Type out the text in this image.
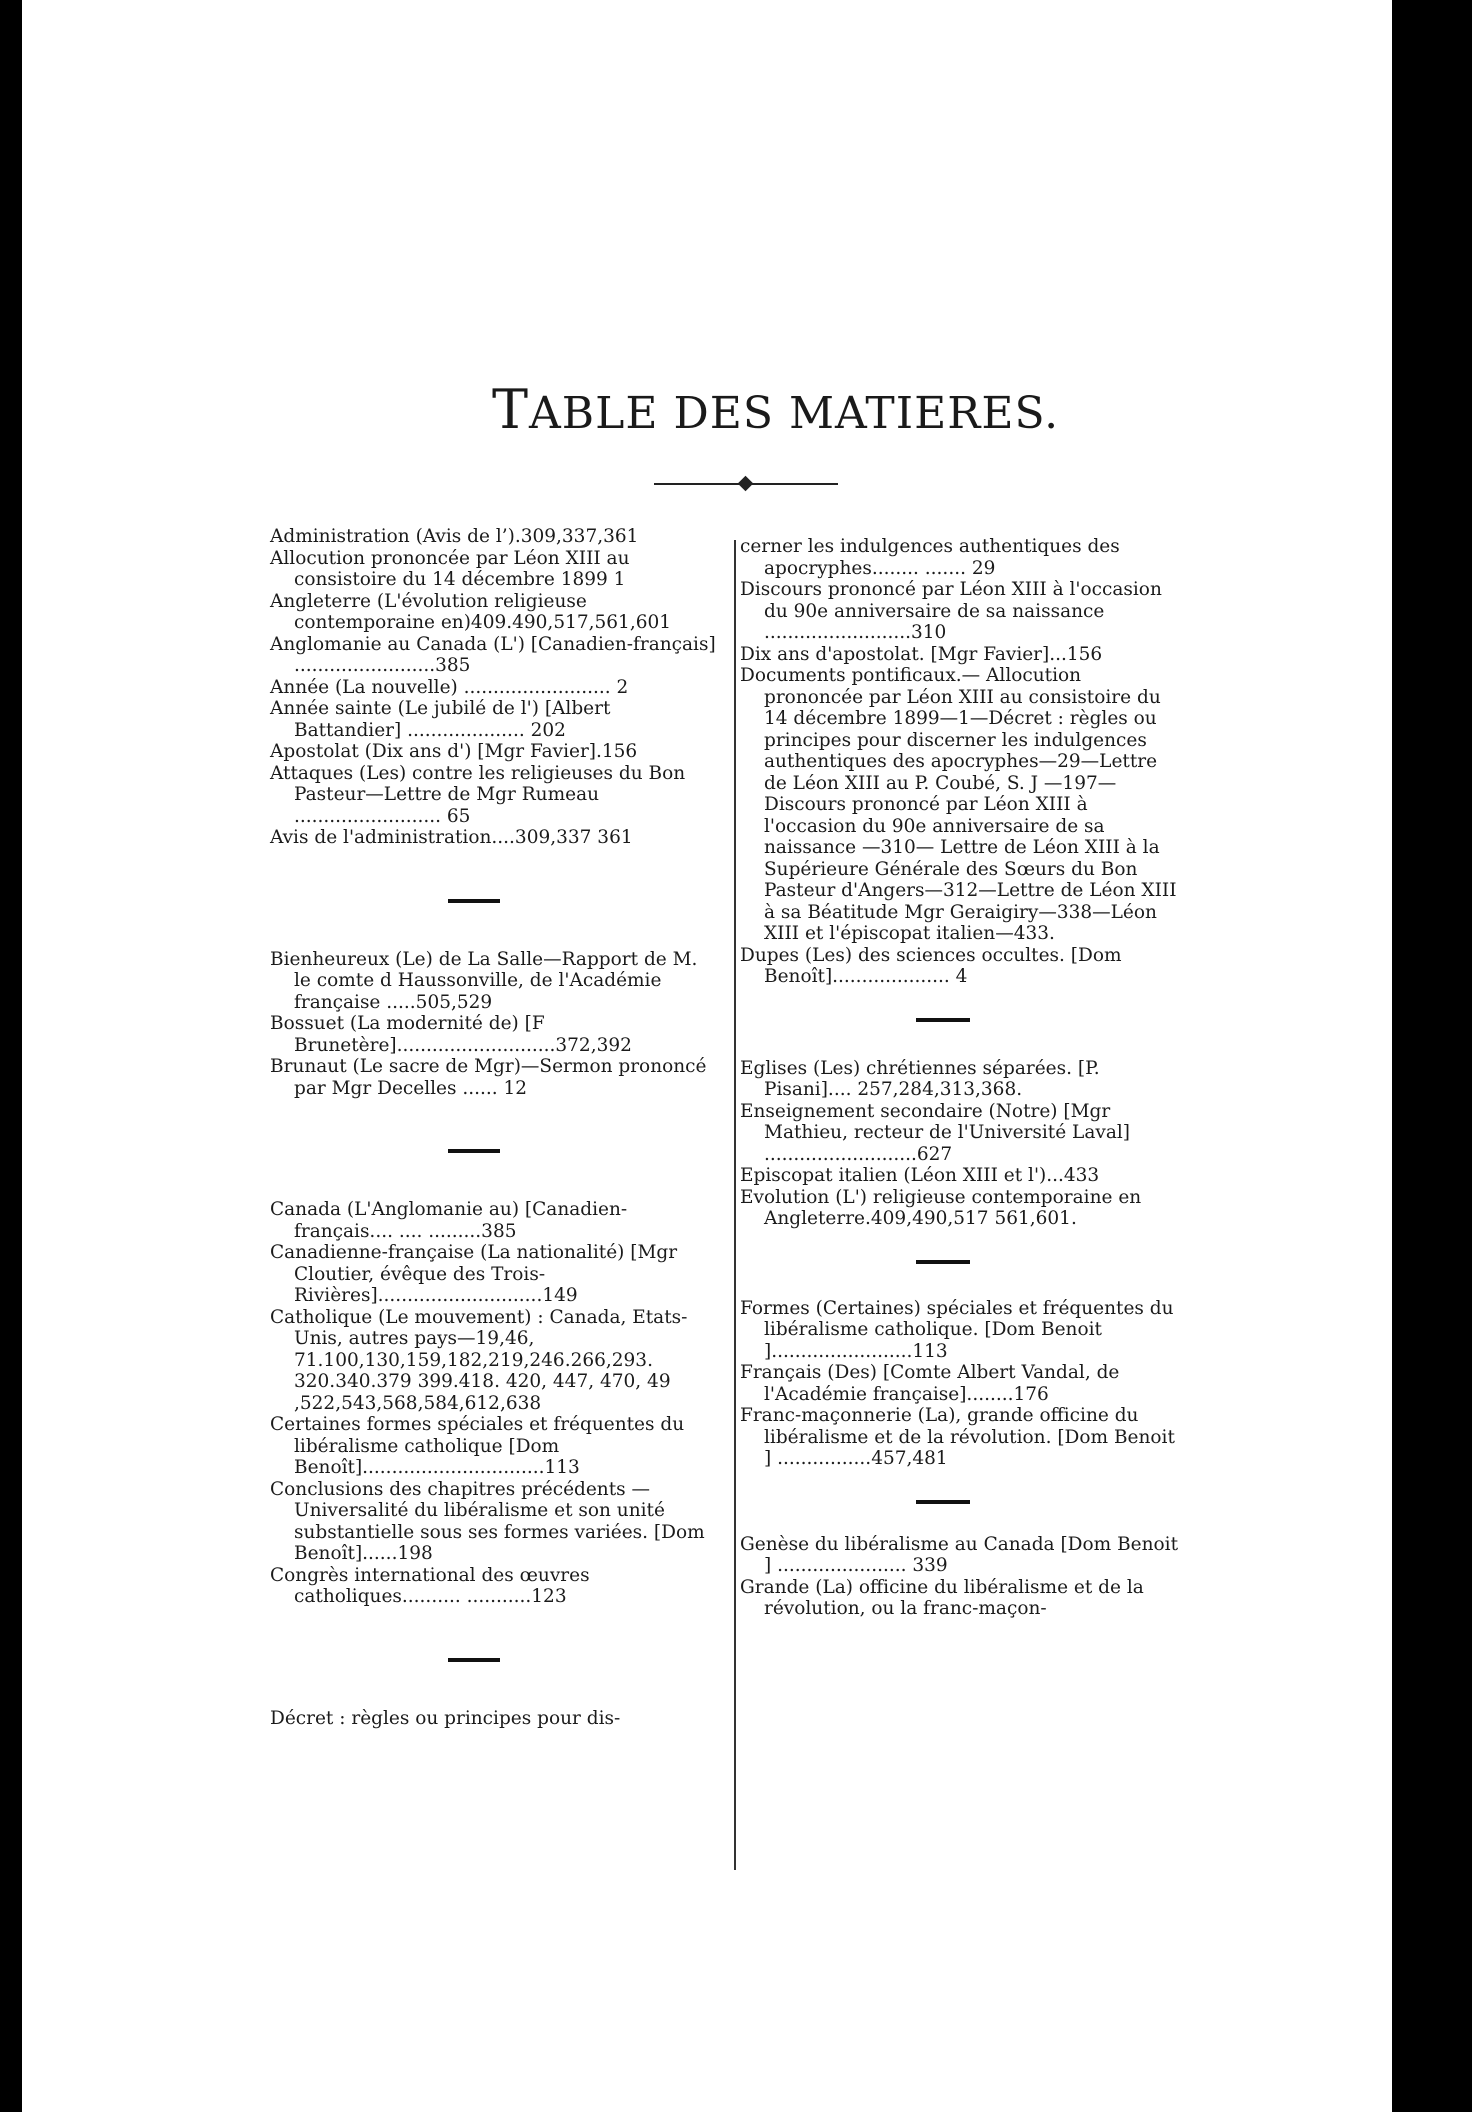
TABLE DES MATIERES.

Administration (Avis de l’).309,337,361

Allocution prononcée par Léon XIII au consistoire du 14 décembre 1899 1

Angleterre (L'évolution religieuse contemporaine en)409.490,517,561,601

Anglomanie au Canada (L') [Canadien-français] ........................385

Année (La nouvelle) ......................... 2

Année sainte (Le jubilé de l') [Albert Battandier] .................... 202

Apostolat (Dix ans d') [Mgr Favier].156

Attaques (Les) contre les religieuses du Bon Pasteur—Lettre de Mgr Rumeau ......................... 65

Avis de l'administration....309,337 361

Bienheureux (Le) de La Salle—Rapport de M. le comte d Haussonville, de l'Académie française .....505,529

Bossuet (La modernité de) [F Brunetère]...........................372,392

Brunaut (Le sacre de Mgr)—Sermon prononcé par Mgr Decelles ...... 12

Canada (L'Anglomanie au) [Canadien-français.... .... .........385

Canadienne-française (La nationalité) [Mgr Cloutier, évêque des Trois-Rivières]............................149

Catholique (Le mouvement) : Canada, Etats-Unis, autres pays—19,46, 71.100,130,159,182,219,246.266,293. 320.340.379 399.418. 420, 447, 470, 49 ,522,543,568,584,612,638

Certaines formes spéciales et fréquentes du libéralisme catholique [Dom Benoît]...............................113

Conclusions des chapitres précédents —Universalité du libéralisme et son unité substantielle sous ses formes variées. [Dom Benoît]......198

Congrès international des œuvres catholiques.......... ...........123

Décret : règles ou principes pour dis-

cerner les indulgences authentiques des apocryphes........ ....... 29

Discours prononcé par Léon XIII à l'occasion du 90e anniversaire de sa naissance .........................310

Dix ans d'apostolat. [Mgr Favier]...156

Documents pontificaux.— Allocution prononcée par Léon XIII au consistoire du 14 décembre 1899—1—Décret : règles ou principes pour discerner les indulgences authentiques des apocryphes—29—Lettre de Léon XIII au P. Coubé, S. J —197—Discours prononcé par Léon XIII à l'occasion du 90e anniversaire de sa naissance —310— Lettre de Léon XIII à la Supérieure Générale des Sœurs du Bon Pasteur d'Angers—312—Lettre de Léon XIII à sa Béatitude Mgr Geraigiry—338—Léon XIII et l'épiscopat italien—433.

Dupes (Les) des sciences occultes. [Dom Benoît].................... 4

Eglises (Les) chrétiennes séparées. [P. Pisani].... 257,284,313,368.

Enseignement secondaire (Notre) [Mgr Mathieu, recteur de l'Université Laval] ..........................627

Episcopat italien (Léon XIII et l')...433

Evolution (L') religieuse contemporaine en Angleterre.409,490,517 561,601.

Formes (Certaines) spéciales et fréquentes du libéralisme catholique. [Dom Benoit ]........................113

Français (Des) [Comte Albert Vandal, de l'Académie française]........176

Franc-maçonnerie (La), grande officine du libéralisme et de la révolution. [Dom Benoit ] ................457,481

Genèse du libéralisme au Canada [Dom Benoit ] ...................... 339

Grande (La) officine du libéralisme et de la révolution, ou la franc-maçon-
